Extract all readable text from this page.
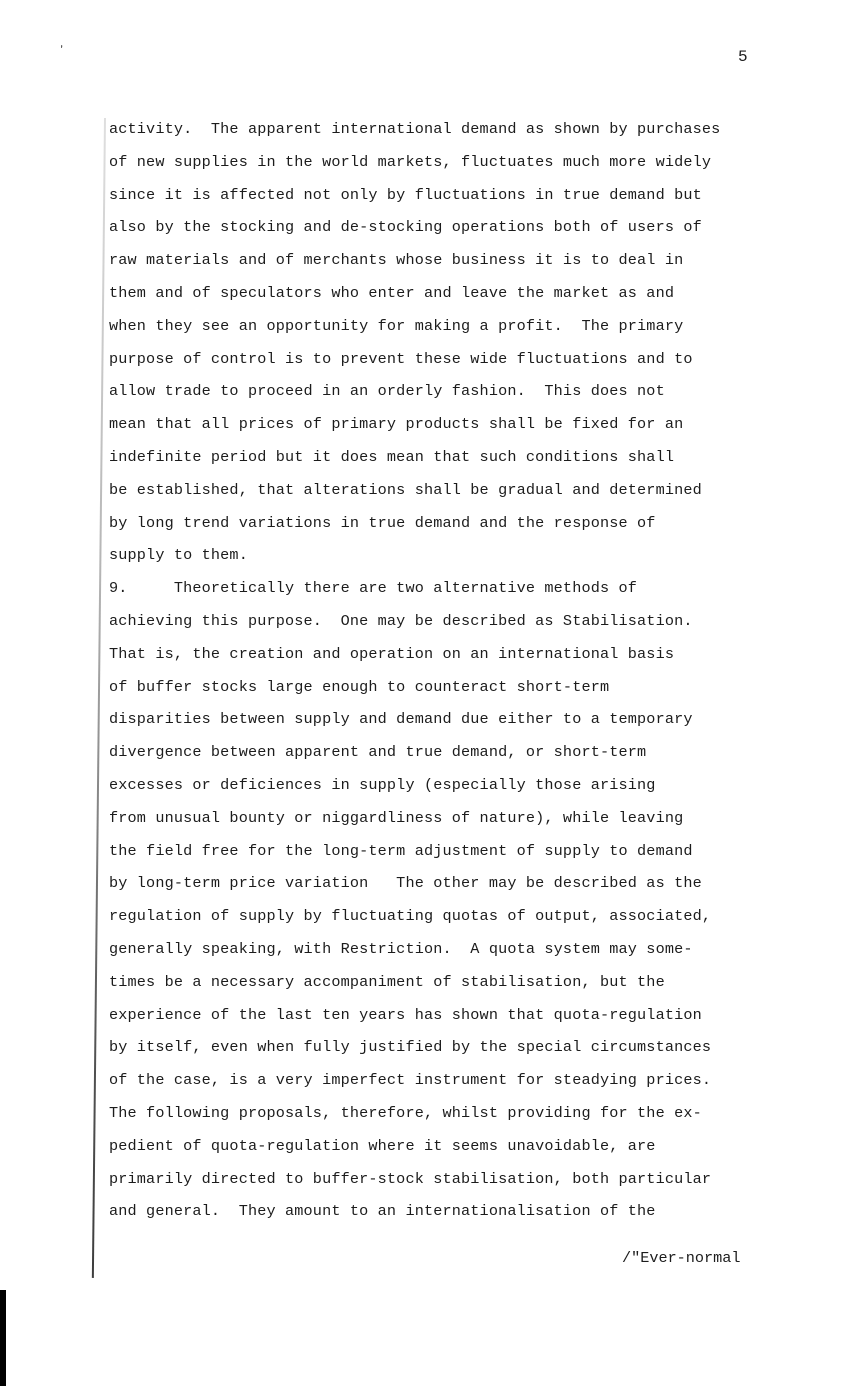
ʼ	5
activity.  The apparent international demand as shown by purchases
of new supplies in the world markets, fluctuates much more widely
since it is affected not only by fluctuations in true demand but
also by the stocking and de-stocking operations both of users of
raw materials and of merchants whose business it is to deal in
them and of speculators who enter and leave the market as and
when they see an opportunity for making a profit.  The primary
purpose of control is to prevent these wide fluctuations and to
allow trade to proceed in an orderly fashion.  This does not
mean that all prices of primary products shall be fixed for an
indefinite period but it does mean that such conditions shall
be established, that alterations shall be gradual and determined
by long trend variations in true demand and the response of
supply to them.
9.     Theoretically there are two alternative methods of
achieving this purpose.  One may be described as Stabilisation.
That is, the creation and operation on an international basis
of buffer stocks large enough to counteract short-term
disparities between supply and demand due either to a temporary
divergence between apparent and true demand, or short-term
excesses or deficiences in supply (especially those arising
from unusual bounty or niggardliness of nature), while leaving
the field free for the long-term adjustment of supply to demand
by long-term price variation   The other may be described as the
regulation of supply by fluctuating quotas of output, associated,
generally speaking, with Restriction.  A quota system may some-
times be a necessary accompaniment of stabilisation, but the
experience of the last ten years has shown that quota-regulation
by itself, even when fully justified by the special circumstances
of the case, is a very imperfect instrument for steadying prices.
The following proposals, therefore, whilst providing for the ex-
pedient of quota-regulation where it seems unavoidable, are
primarily directed to buffer-stock stabilisation, both particular
and general.  They amount to an internationalisation of the
/"Ever-normal
